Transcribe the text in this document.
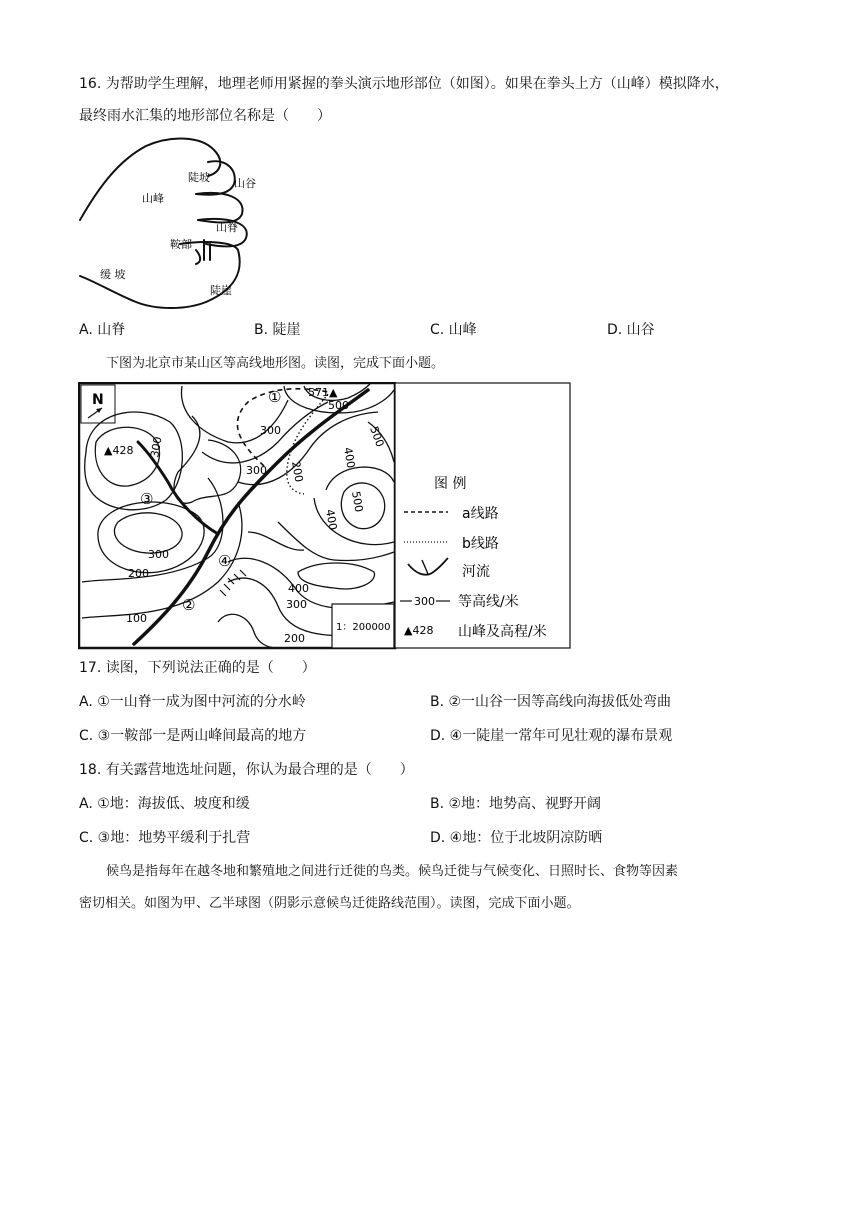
16. 为帮助学生理解，地理老师用紧握的拳头演示地形部位（如图）。如果在拳头上方（山峰）模拟降水，
最终雨水汇集的地形部位名称是（　　）
陡坡 山谷
山峰
山脊
鞍部
缓 坡
陡崖
A. 山脊	B. 陡崖	C. 山峰	D. 山谷
下图为北京市某山区等高线地形图。读图，完成下面小题。
N
▲428
571▲
①
②
③
④
500
500
300
400
200
500
300
300
200
400
300
100
200
400
300
1：200000
图 例
a线路
b线路
河流
300 等高线/米
▲428 山峰及高程/米
17. 读图，下列说法正确的是（　　）
A. ①一山脊一成为图中河流的分水岭	B. ②一山谷一因等高线向海拔低处弯曲
C. ③一鞍部一是两山峰间最高的地方	D. ④一陡崖一常年可见壮观的瀑布景观
18. 有关露营地选址问题，你认为最合理的是（　　）
A. ①地：海拔低、坡度和缓	B. ②地：地势高、视野开阔
C. ③地：地势平缓利于扎营	D. ④地：位于北坡阴凉防晒
候鸟是指每年在越冬地和繁殖地之间进行迁徙的鸟类。候鸟迁徙与气候变化、日照时长、食物等因素
密切相关。如图为甲、乙半球图（阴影示意候鸟迁徙路线范围）。读图，完成下面小题。
